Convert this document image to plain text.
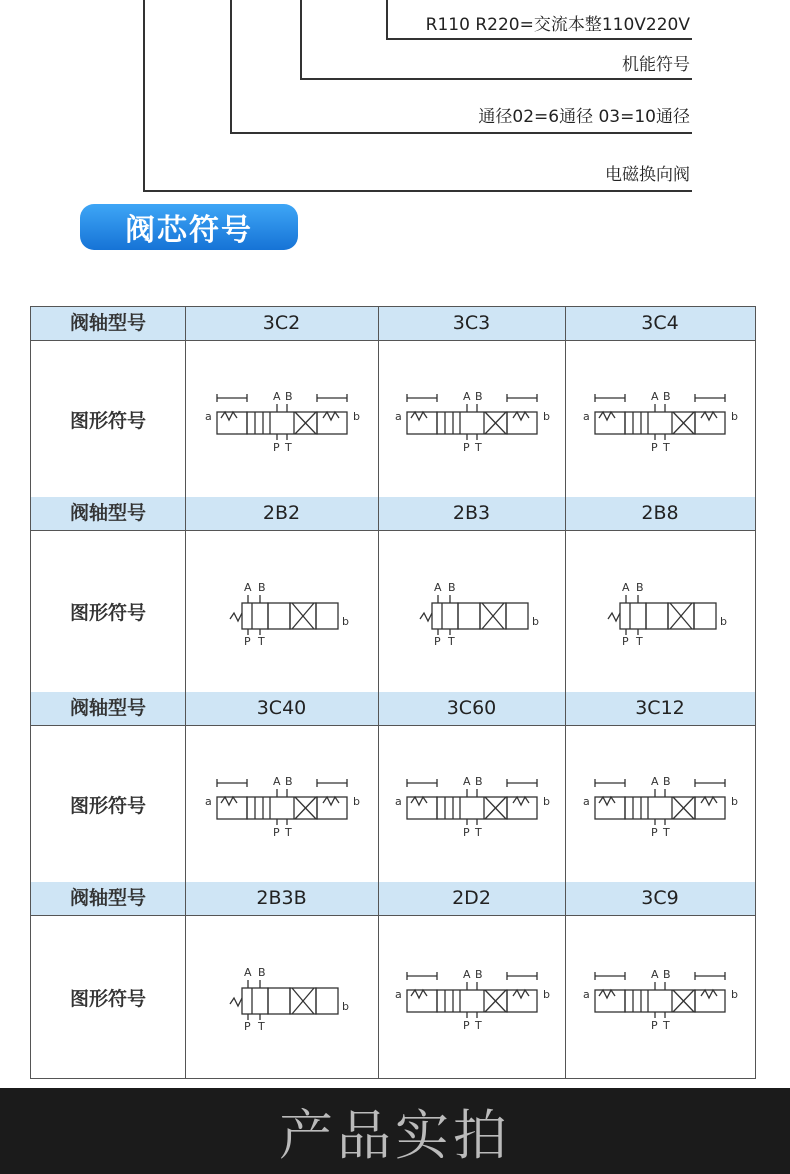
R110 R220=交流本整110V220V
机能符号
通径02=6通径 03=10通径
电磁换向阀
阀芯符号
阀轴型号	3C2	3C3	3C4
图形符号
A B
P T
a	b
A B
P T
a	b
A B
P T
a	b
阀轴型号	2B2	2B3	2B8
图形符号
A B
P T
b
A B
P T
b
A B
P T
b
阀轴型号	3C40	3C60	3C12
图形符号
A B
P T
a	b
A B
P T
a	b
A B
P T
a	b
阀轴型号	2B3B	2D2	3C9
图形符号
A B
P T
b
A B
P T
a	b
A B
P T
a	b
产品实拍
